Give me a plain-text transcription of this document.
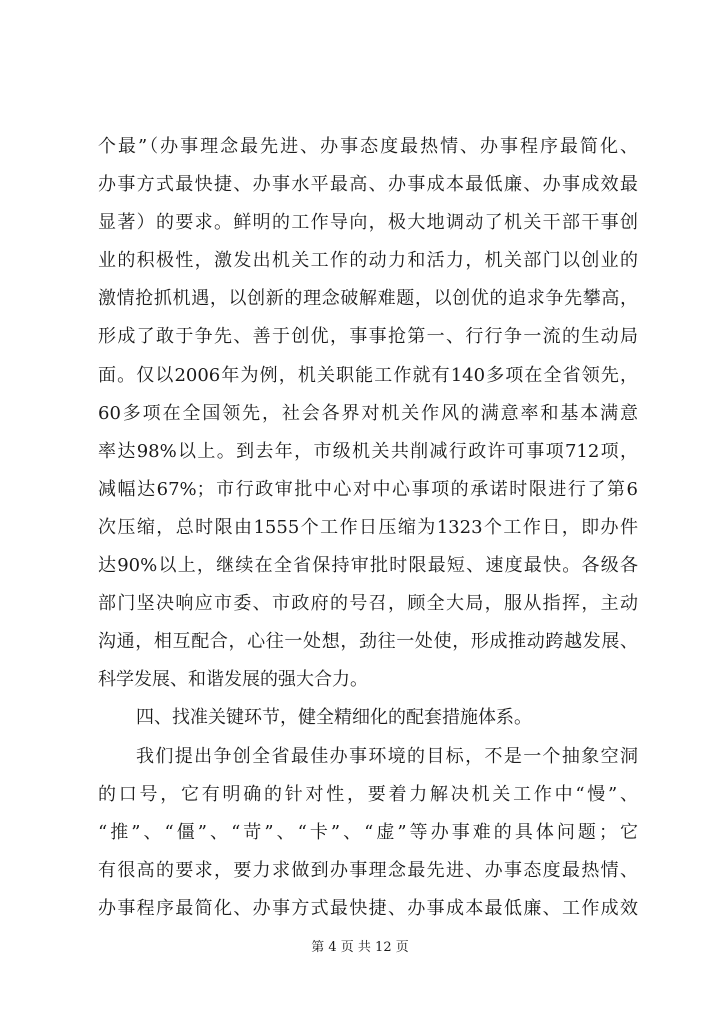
个最”（办事理念最先进、办事态度最热情、办事程序最简化、
办事方式最快捷、办事水平最高、办事成本最低廉、办事成效最
显著）的要求。鲜明的工作导向，极大地调动了机关干部干事创
业的积极性，激发出机关工作的动力和活力，机关部门以创业的
激情抢抓机遇，以创新的理念破解难题，以创优的追求争先攀高，
形成了敢于争先、善于创优，事事抢第一、行行争一流的生动局
面。仅以2006年为例，机关职能工作就有140多项在全省领先，
60多项在全国领先，社会各界对机关作风的满意率和基本满意
率达98%以上。到去年，市级机关共削减行政许可事项712项，
减幅达67%；市行政审批中心对中心事项的承诺时限进行了第6
次压缩，总时限由1555个工作日压缩为1323个工作日，即办件
达90%以上，继续在全省保持审批时限最短、速度最快。各级各
部门坚决响应市委、市政府的号召，顾全大局，服从指挥，主动
沟通，相互配合，心往一处想，劲往一处使，形成推动跨越发展、
科学发展、和谐发展的强大合力。
四、找准关键环节，健全精细化的配套措施体系。
我们提出争创全省最佳办事环境的目标，不是一个抽象空洞
的口号，它有明确的针对性，要着力解决机关工作中“慢”、
“推”、“僵”、“苛”、“卡”、“虚”等办事难的具体问题；它
有很高的要求，要力求做到办事理念最先进、办事态度最热情、
办事程序最简化、办事方式最快捷、办事成本最低廉、工作成效
第 4 页 共 12 页
